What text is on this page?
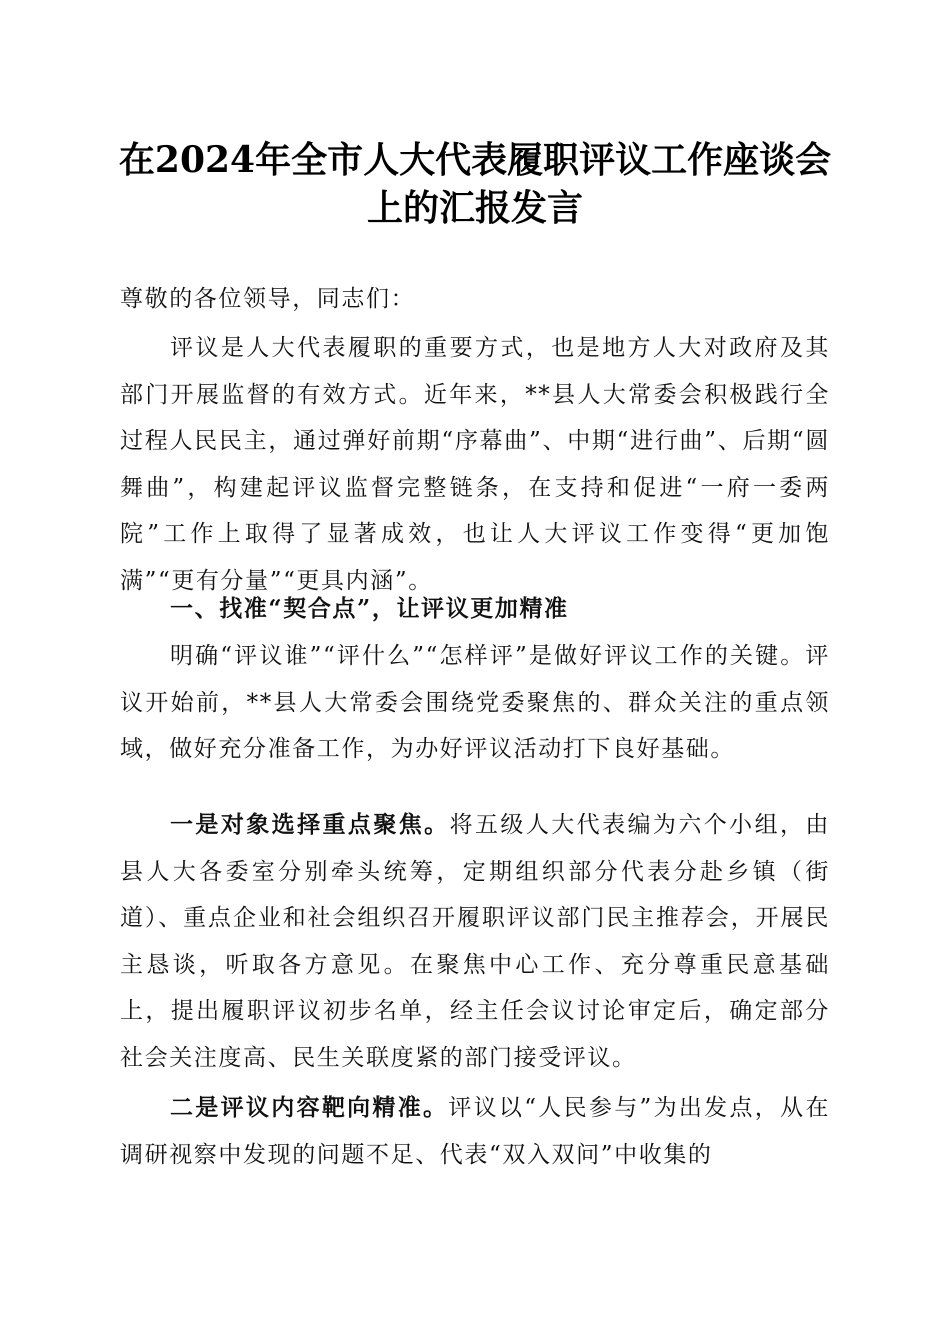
在2024年全市人大代表履职评议工作座谈会
上的汇报发言

尊敬的各位领导，同志们：

评议是人大代表履职的重要方式，也是地方人大对政府及其部门开展监督的有效方式。近年来，**县人大常委会积极践行全过程人民民主，通过弹好前期“序幕曲”、中期“进行曲”、后期“圆舞曲”，构建起评议监督完整链条，在支持和促进“一府一委两院”工作上取得了显著成效，也让人大评议工作变得“更加饱满”“更有分量”“更具内涵”。

一、找准“契合点”，让评议更加精准

明确“评议谁”“评什么”“怎样评”是做好评议工作的关键。评议开始前，**县人大常委会围绕党委聚焦的、群众关注的重点领域，做好充分准备工作，为办好评议活动打下良好基础。

一是对象选择重点聚焦。将五级人大代表编为六个小组，由县人大各委室分别牵头统筹，定期组织部分代表分赴乡镇（街道）、重点企业和社会组织召开履职评议部门民主推荐会，开展民主恳谈，听取各方意见。在聚焦中心工作、充分尊重民意基础上，提出履职评议初步名单，经主任会议讨论审定后，确定部分社会关注度高、民生关联度紧的部门接受评议。

二是评议内容靶向精准。评议以“人民参与”为出发点，从在调研视察中发现的问题不足、代表“双入双问”中收集的
